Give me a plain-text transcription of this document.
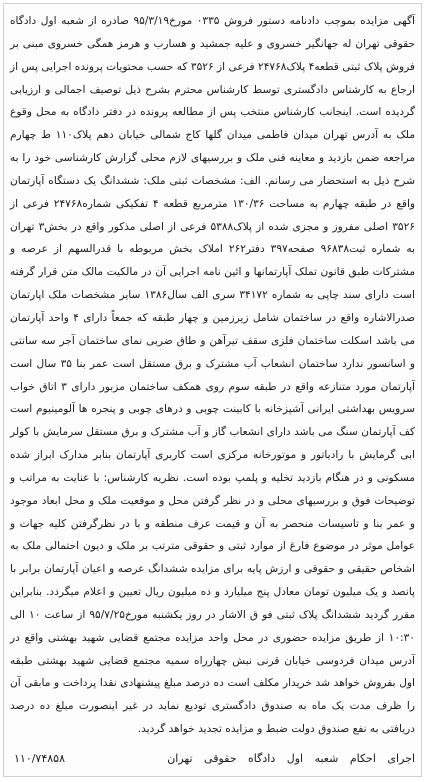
آگهی مزایده بموجب دادنامه دستور فروش ۰۳۳۵ مورخ۹۵/۳/۱۹ صادره از شعبه اول دادگاه حقوقی تهران له جهانگیر خسروی و علیه جمشید و هسارب و هرمز همگی خسروی مبنی بر فروش پلاک ثبتی قطعه۴ پلاک۲۴۷۶۸ فرعی از ۳۵۲۶ که حسب محتویات پرونده اجرایی پس از ارجاع به کارشناس دادگستری توسط کارشناس محترم بشرح ذیل توصیف اجمالی و ارزیابی گردیده است. اینجانب کارشناس منتخب پس از مطالعه پرونده در دفتر دادگاه به محل وقوع ملک به آدرس تهران میدان فاطمی میدان گلها کاج شمالی خیابان دهم پلاک۱۱۰ ط چهارم مراجعه ضمن بازدید و معاینه فنی ملک و بررسیهای لازم محلی گزارش کارشناسی خود را به شرح ذیل به استحضار می رسانم. الف: مشخصات ثبتی ملک: ششدانگ یک دستگاه آپارتمان واقع در طبقه چهارم به مساحت ۱۳۰/۳۶ مترمربع قطعه ۴ تفکیکی شماره۲۴۷۶۸ فرعی از ۳۵۲۶ اصلی مفروز و مجزی شده از پلاک۵۳۸۸ فرعی از اصلی مذکور واقع در بخش۳ تهران به شماره ثبت۹۶۸۳۸ صفحه۳۹۷ دفتر۲۶۲ املاک بخش مربوطه با قدرالسهم از عرصه و مشترکات طبق قانون تملک آپارتمانها و ائین نامه اجرایی آن در مالکیت مالک متن قرار گرفته است دارای سند چاپی به شماره ۳۴۱۷۲ سری الف سال۱۳۸۶ سایر مشخصات ملک اپارتمان صدرالاشاره واقع در ساختمان شامل زیرزمین و چهار طبقه که جمعاً دارای ۴ واحد آپارتمان می باشد اسکلت ساختمان فلزی سقف تیرآهن و طاق ضربی نمای ساختمان آجر سه سانتی و اسانسور ندارد ساختمان انشعاب آب مشترک و برق مستقل است عمر بنا ۳۵ سال است آپارتمان مورد متنازعه واقع در طبقه سوم روی همکف ساختمان مزبور دارای ۳ اتاق خواب سرویس بهداشتی ایرانی آشپزخانه با کابینت چوبی و درهای چوبی و پنجره ها آلومینیوم است کف آپارتمان سنگ می باشد دارای انشعاب گاز و آب مشترک و برق مستقل سرمایش با کولر ابی گرمایش با رادیاتور و موتورخانه مرکزی است کاربری آپارتمان بنابر مدارک ابراز شده مسکونی و در هنگام بازدید تخلیه و پلمپ بوده است. نظریه کارشناس: با عنایت به مراتب و توضیحات فوق و بررسیهای محلی و در نظر گرفتن محل و موقعیت ملک و محل ابعاد موجود و عمر بنا و تاسیسات منحصر به آن و قیمت عرف منطقه و با در نظرگرفتن کلیه جهات و عوامل موثر در موضوع فارغ از موارد ثبتی و حقوقی مترتب بر ملک و دیون احتمالی ملک به اشخاص حقیقی و حقوقی و ارزش پایه برای مزایده ششدانگ عرصه و اعیان آپارتمان برابر با پانصد و یک میلیون تومان معادل پنج میلیارد و ده میلیون ریال تعیین و اعلام میگردد. بنابراین مقرر گردید ششدانگ پلاک ثبتی فو ق الاشار در روز یکشنبه مورخ۹۵/۷/۲۵ از ساعت ۱۰ الی ۱۰:۳۰ از طریق مزایده حضوری در محل واحد مزایده مجتمع قضایی شهید بهشتی واقع در آدرس میدان فردوسی خیابان قرنی نبش چهارراه سمیه مجتمع قضایی شهید بهشتی طبقه اول بفروش خواهد شد خریدار مکلف است ده درصد مبلغ پیشنهادی نقدا پرداخت و مابقی آن را ظرف مدت یک ماه به صندوق دادگستری تودیع نماید در غیر اینصورت مبلغ ده درصد دریافتی به نفع صندوق دولت ضبط و مزایده تجدید خواهد گردید.
اجرای احکام شعبه اول دادگاه حقوقی تهران
۱۱۰/۷۴۸۵۸
